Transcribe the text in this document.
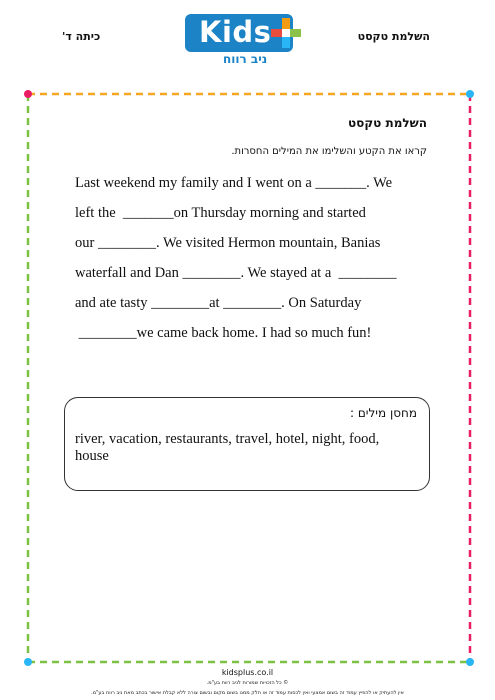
כיתה ד'	השלמת טקסט
Kids
ניב רווח
השלמת טקסט
קראו את הקטע והשלימו את המילים החסרות.
Last weekend my family and I went on a _______. We
left the  _______on Thursday morning and started
our ________. We visited Hermon mountain, Banias
waterfall and Dan ________. We stayed at a  ________
and ate tasty ________at ________. On Saturday
________we came back home. I had so much fun!
מחסן מילים :
river, vacation, restaurants, travel, hotel, night, food, house
kidsplus.co.il
© כל הזכויות שמורות לניב רווח בע"מ.
אין להעתיק או להפיץ עמוד זה בשום אמצעי ואין לכסות עמוד זה או חלק ממנו בשום מקום ובשום צורה ללא קבלת אישור בכתב מאת ניב רווח בע"מ.
